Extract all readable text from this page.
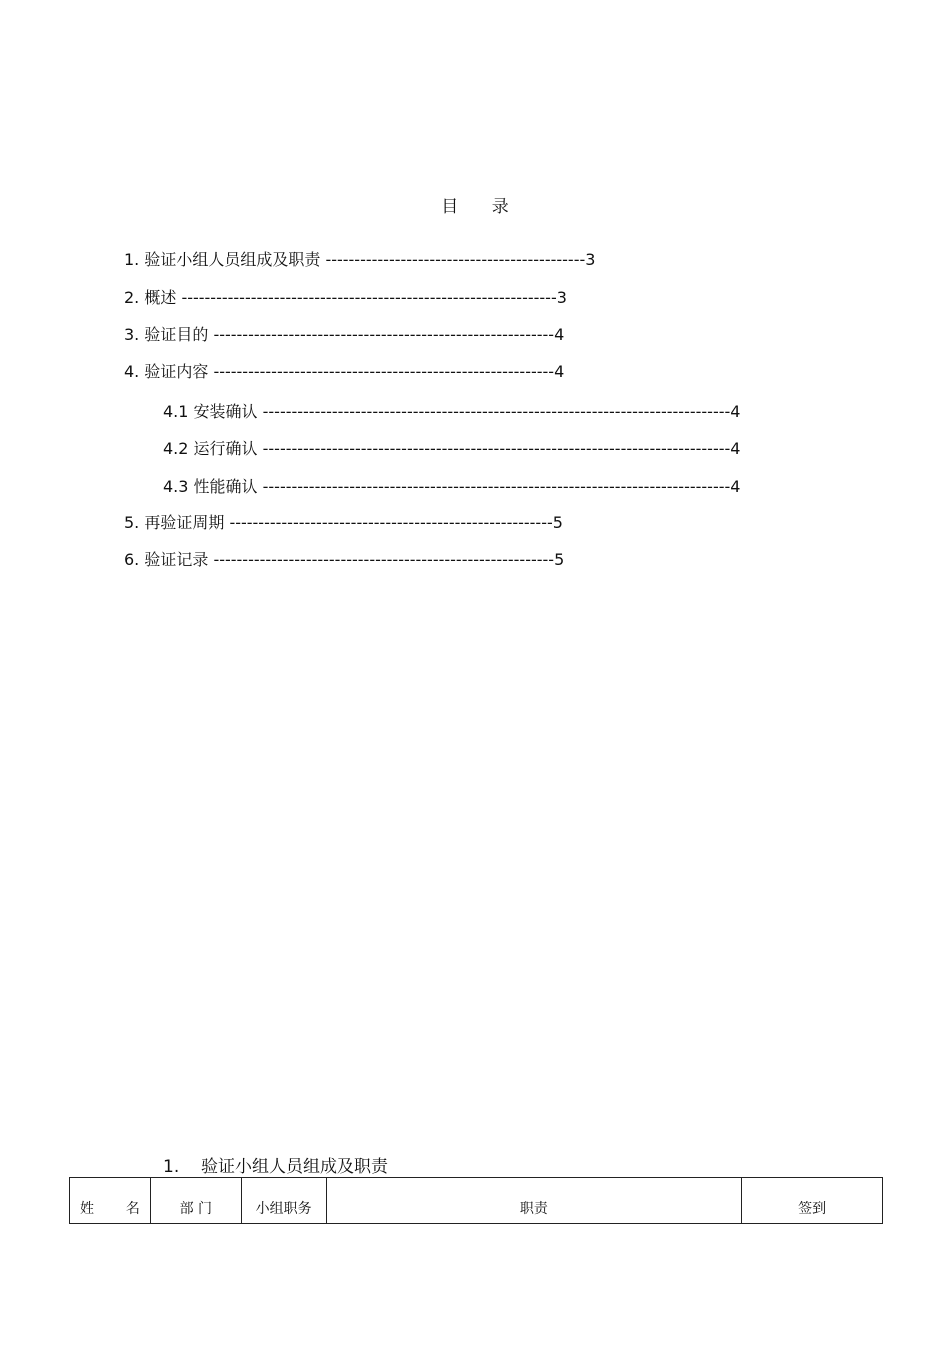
目 录
1. 验证小组人员组成及职责 ---------------------------------------------3
2. 概述 -----------------------------------------------------------------3
3. 验证目的 -----------------------------------------------------------4
4. 验证内容 -----------------------------------------------------------4
4.1 安装确认 ---------------------------------------------------------------------------------4
4.2 运行确认 ---------------------------------------------------------------------------------4
4.3 性能确认 ---------------------------------------------------------------------------------4
5. 再验证周期 --------------------------------------------------------5
6. 验证记录 -----------------------------------------------------------5
1. 验证小组人员组成及职责
姓 名	部 门	小组职务	职责	签到
